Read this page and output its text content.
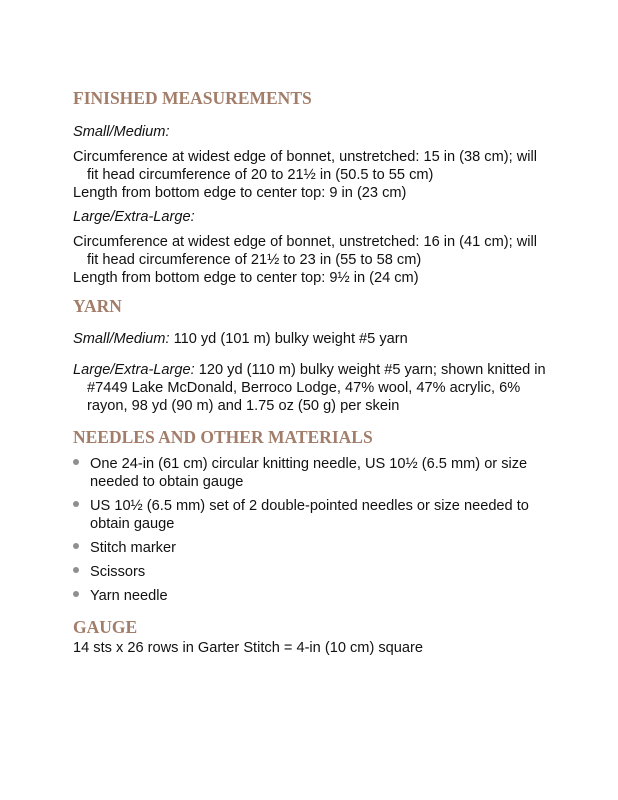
FINISHED MEASUREMENTS
Small/Medium:
Circumference at widest edge of bonnet, unstretched: 15 in (38 cm); will
fit head circumference of 20 to 21½ in (50.5 to 55 cm)
Length from bottom edge to center top: 9 in (23 cm)
Large/Extra-Large:
Circumference at widest edge of bonnet, unstretched: 16 in (41 cm); will
fit head circumference of 21½ to 23 in (55 to 58 cm)
Length from bottom edge to center top: 9½ in (24 cm)
YARN
Small/Medium: 110 yd (101 m) bulky weight #5 yarn
Large/Extra-Large: 120 yd (110 m) bulky weight #5 yarn; shown knitted in
#7449 Lake McDonald, Berroco Lodge, 47% wool, 47% acrylic, 6%
rayon, 98 yd (90 m) and 1.75 oz (50 g) per skein
NEEDLES AND OTHER MATERIALS
One 24-in (61 cm) circular knitting needle, US 10½ (6.5 mm) or size
needed to obtain gauge
US 10½ (6.5 mm) set of 2 double-pointed needles or size needed to
obtain gauge
Stitch marker
Scissors
Yarn needle
GAUGE
14 sts x 26 rows in Garter Stitch = 4-in (10 cm) square
